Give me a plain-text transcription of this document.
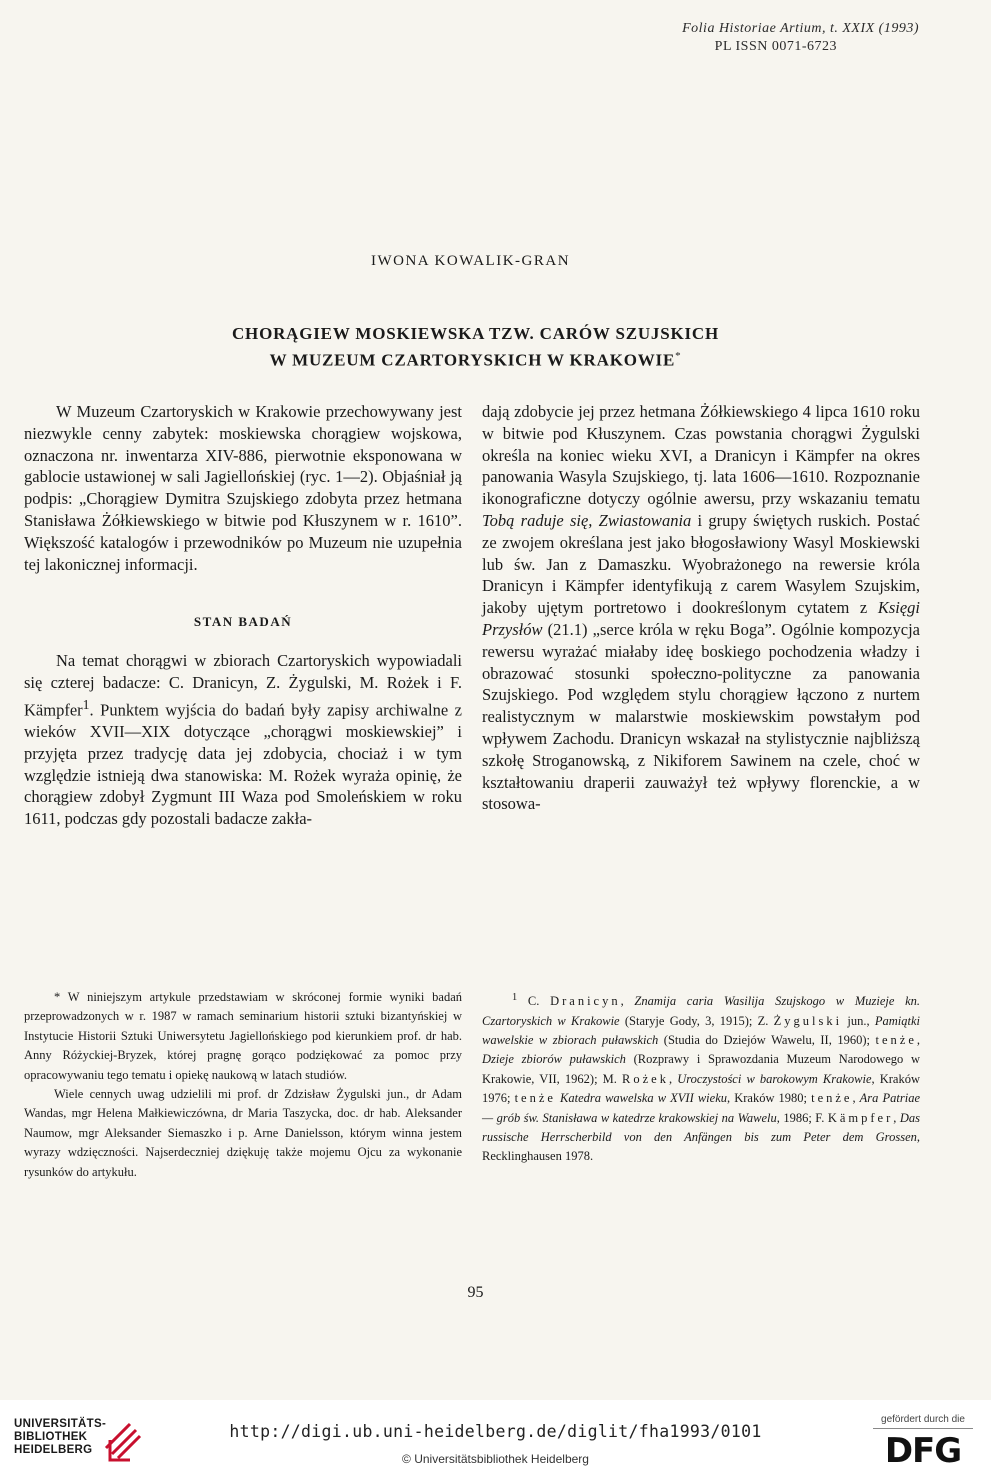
Folia Historiae Artium, t. XXIX (1993)
PL ISSN 0071-6723
IWONA KOWALIK-GRAN
CHORĄGIEW MOSKIEWSKA TZW. CARÓW SZUJSKICH
W MUZEUM CZARTORYSKICH W KRAKOWIE*

W Muzeum Czartoryskich w Krakowie przechowywany jest niezwykle cenny zabytek: moskiewska chorągiew wojskowa, oznaczona nr. inwentarza XIV-886, pierwotnie eksponowana w gablocie ustawionej w sali Jagiellońskiej (ryc. 1—2). Objaśniał ją podpis: „Chorągiew Dymitra Szujskiego zdobyta przez hetmana Stanisława Żółkiewskiego w bitwie pod Kłuszynem w r. 1610”. Większość katalogów i przewodników po Muzeum nie uzupełnia tej lakonicznej informacji.

STAN BADAŃ

Na temat chorągwi w zbiorach Czartoryskich wypowiadali się czterej badacze: C. Dranicyn, Z. Żygulski, M. Rożek i F. Kämpfer$^1$. Punktem wyjścia do badań były zapisy archiwalne z wieków XVII—XIX dotyczące „chorągwi moskiewskiej” i przyjęta przez tradycję data jej zdobycia, chociaż i w tym względzie istnieją dwa stanowiska: M. Rożek wyraża opinię, że chorągiew zdobył Zygmunt III Waza pod Smoleńskiem w roku 1611, podczas gdy pozostali badacze zakła-

dają zdobycie jej przez hetmana Żółkiewskiego 4 lipca 1610 roku w bitwie pod Kłuszynem. Czas powstania chorągwi Żygulski określa na koniec wieku XVI, a Dranicyn i Kämpfer na okres panowania Wasyla Szujskiego, tj. lata 1606—1610. Rozpoznanie ikonograficzne dotyczy ogólnie awersu, przy wskazaniu tematu Tobą raduje się, Zwiastowania i grupy świętych ruskich. Postać ze zwojem określana jest jako błogosławiony Wasyl Moskiewski lub św. Jan z Damaszku. Wyobrażonego na rewersie króla Dranicyn i Kämpfer identyfikują z carem Wasylem Szujskim, jakoby ujętym portretowo i dookreślonym cytatem z Księgi Przysłów (21.1) „serce króla w ręku Boga”. Ogólnie kompozycja rewersu wyrażać miałaby ideę boskiego pochodzenia władzy i obrazować stosunki społeczno-polityczne za panowania Szujskiego. Pod względem stylu chorągiew łączono z nurtem realistycznym w malarstwie moskiewskim powstałym pod wpływem Zachodu. Dranicyn wskazał na stylistycznie najbliższą szkołę Stroganowską, z Nikiforem Sawinem na czele, choć w kształtowaniu draperii zauważył też wpływy florenckie, a w stosowa-

* W niniejszym artykule przedstawiam w skróconej formie wyniki badań przeprowadzonych w r. 1987 w ramach seminarium historii sztuki bizantyńskiej w Instytucie Historii Sztuki Uniwersytetu Jagiellońskiego pod kierunkiem prof. dr hab. Anny Różyckiej-Bryzek, której pragnę gorąco podziękować za pomoc przy opracowywaniu tego tematu i opiekę naukową w latach studiów.

Wiele cennych uwag udzielili mi prof. dr Zdzisław Żygulski jun., dr Adam Wandas, mgr Helena Małkiewiczówna, dr Maria Taszycka, doc. dr hab. Aleksander Naumow, mgr Aleksander Siemaszko i p. Arne Danielsson, którym winna jestem wyrazy wdzięczności. Najserdeczniej dziękuję także mojemu Ojcu za wykonanie rysunków do artykułu.

$^1$ C. Dranicyn, Znamija caria Wasilija Szujskogo w Muzieje kn. Czartoryskich w Krakowie (Staryje Gody, 3, 1915); Z. Żygulski jun., Pamiątki wawelskie w zbiorach puławskich (Studia do Dziejów Wawelu, II, 1960); tenże, Dzieje zbiorów puławskich (Rozprawy i Sprawozdania Muzeum Narodowego w Krakowie, VII, 1962); M. Rożek, Uroczystości w barokowym Krakowie, Kraków 1976; tenże Katedra wawelska w XVII wieku, Kraków 1980; tenże, Ara Patriae — grób św. Stanisława w katedrze krakowskiej na Wawelu, 1986; F. Kämpfer, Das russische Herrscherbild von den Anfängen bis zum Peter dem Grossen, Recklinghausen 1978.

95
UNIVERSITÄTS-
BIBLIOTHEK
HEIDELBERG
http://digi.ub.uni-heidelberg.de/diglit/fha1993/0101
© Universitätsbibliothek Heidelberg
gefördert durch die
DFG
